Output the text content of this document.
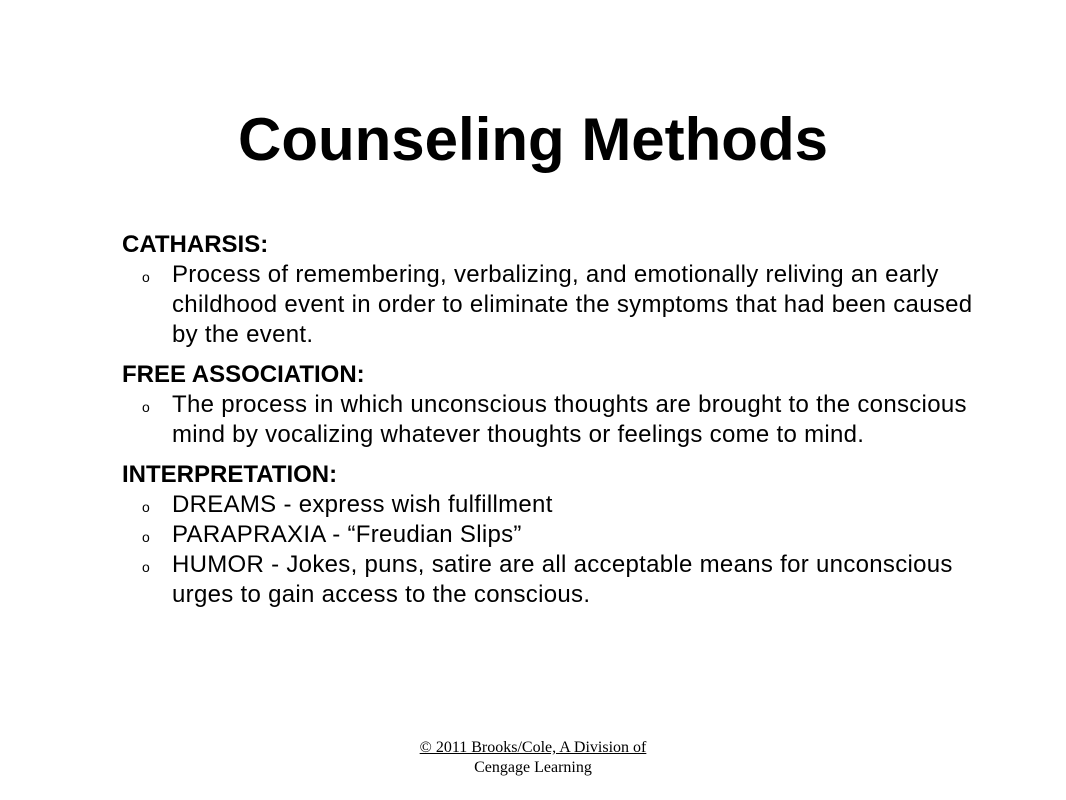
Counseling Methods
CATHARSIS:
o Process of remembering, verbalizing, and emotionally reliving an early childhood event in order to eliminate the symptoms that had been caused by the event.
FREE ASSOCIATION:
o The process in which unconscious thoughts are brought to the conscious mind by vocalizing whatever thoughts or feelings come to mind.
INTERPRETATION:
o DREAMS - express wish fulfillment
o PARAPRAXIA - “Freudian Slips”
o HUMOR - Jokes, puns, satire are all acceptable means for unconscious urges to gain access to the conscious.
© 2011 Brooks/Cole, A Division of
Cengage Learning
